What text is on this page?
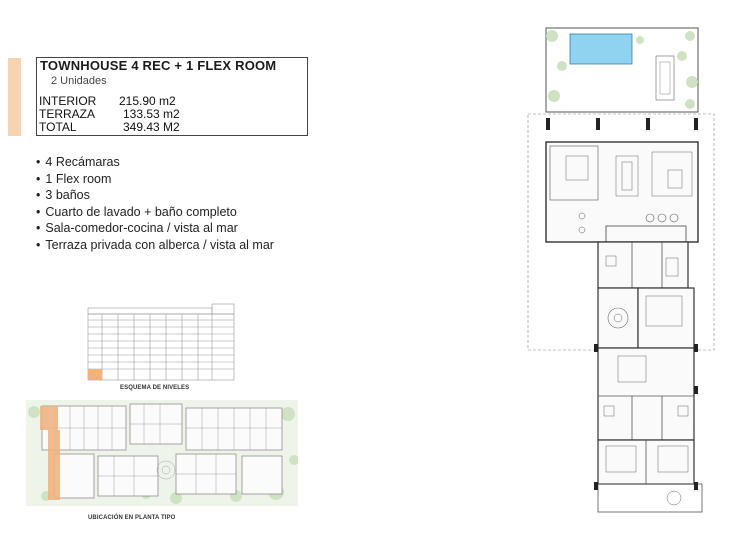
TOWNHOUSE 4 REC + 1 FLEX ROOM
2 Unidades
INTERIOR 215.90 m2
TERRAZA 133.53 m2
TOTAL	349.43 M2
• 4 Recámaras
• 1 Flex room
• 3 baños
• Cuarto de lavado + baño completo
• Sala-comedor-cocina / vista al mar
• Terraza privada con alberca / vista al mar
ESQUEMA DE NIVELES
UBICACIÓN EN PLANTA TIPO
